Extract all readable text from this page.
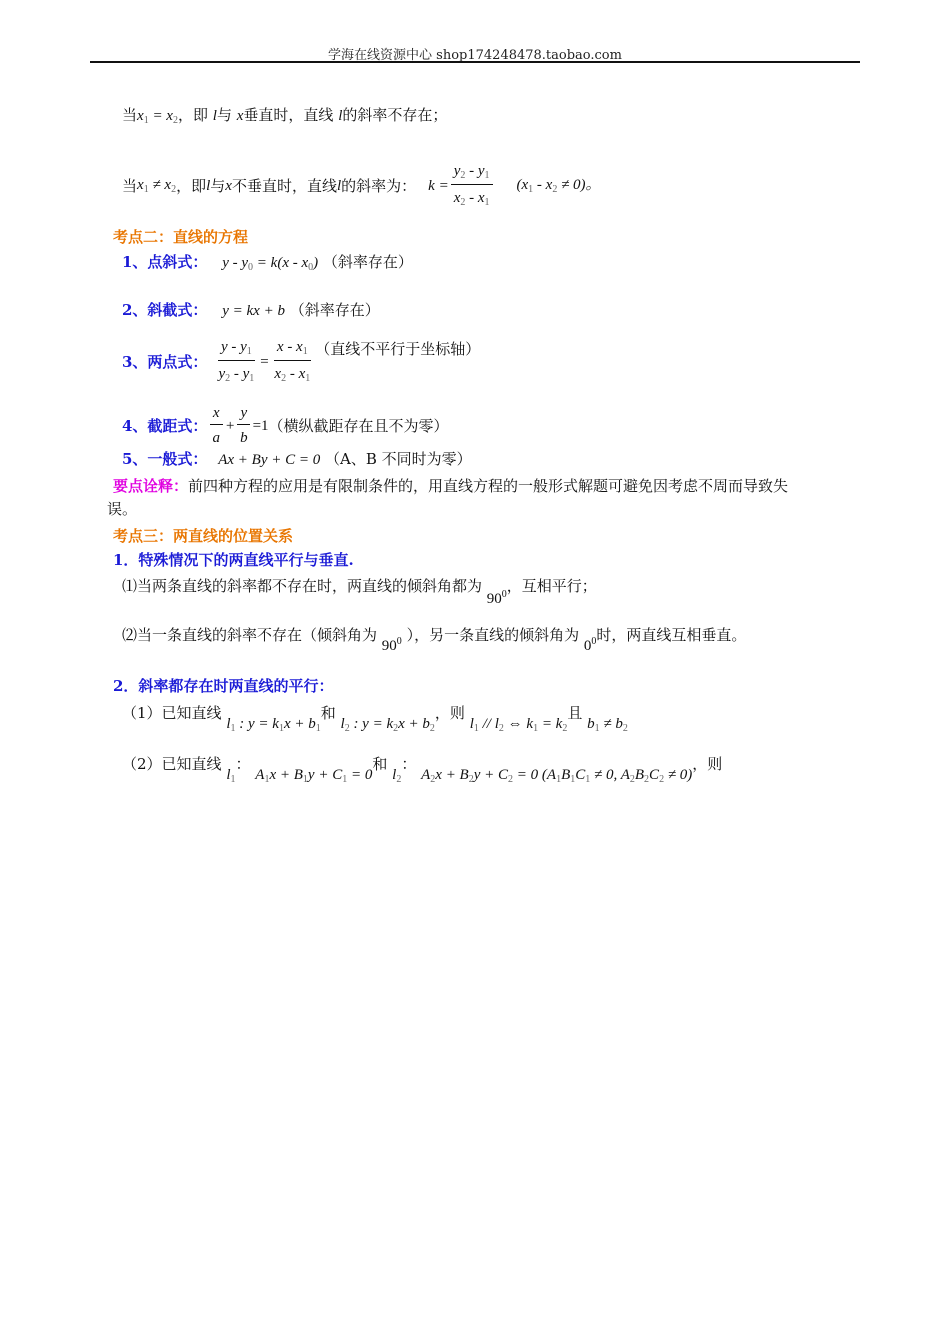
学海在线资源中心 shop174248478.taobao.com
当$x_1 = x_2$，即 l与 x垂直时，直线 l的斜率不存在；
当 $x_1 \ne x_2$ ，即 l 与 x 不垂直时，直线 l 的斜率为： $k = \frac{y_2 - y_1}{x_2 - x_1} (x_1 - x_2 \ne 0)$。
考点二：直线的方程
1、点斜式： $y - y_0 = k(x - x_0)$ （斜率存在）
2、斜截式： y = kx + b （斜率存在）
3、两点式： $\frac{y - y_1}{y_2 - y_1} = \frac{x - x_1}{x_2 - x_1}$ （直线不平行于坐标轴）
4、截距式： $\frac{x}{a} + \frac{y}{b} =1$ （横纵截距存在且不为零）
5、一般式： Ax + By + C = 0 （A、B 不同时为零）
要点诠释：前四种方程的应用是有限制条件的，用直线方程的一般形式解题可避免因考虑不周而导致失
误。
考点三：两直线的位置关系
1．特殊情况下的两直线平行与垂直.
⑴当两条直线的斜率都不存在时，两直线的倾斜角都为 $90^0$，互相平行；
⑵当一条直线的斜率不存在（倾斜角为 $90^0$ ），另一条直线的倾斜角为 $0^0$时，两直线互相垂直。
2．斜率都存在时两直线的平行：
（1）已知直线 $l_1$ : $y = k_1x + b_1$和 $l_2$ : $y = k_2x + b_2$，则 $l_1 // l_2$ ⇔ $k_1 = k_2$且 $b_1 \ne b_2$
（2）已知直线 $l_1$： $A_1x + B_1y + C_1 = 0$和 $l_2$： $A_2x + B_2y + C_2 = 0$ ($A_1B_1C_1 \ne 0$, $A_2B_2C_2 \ne 0$)，则
